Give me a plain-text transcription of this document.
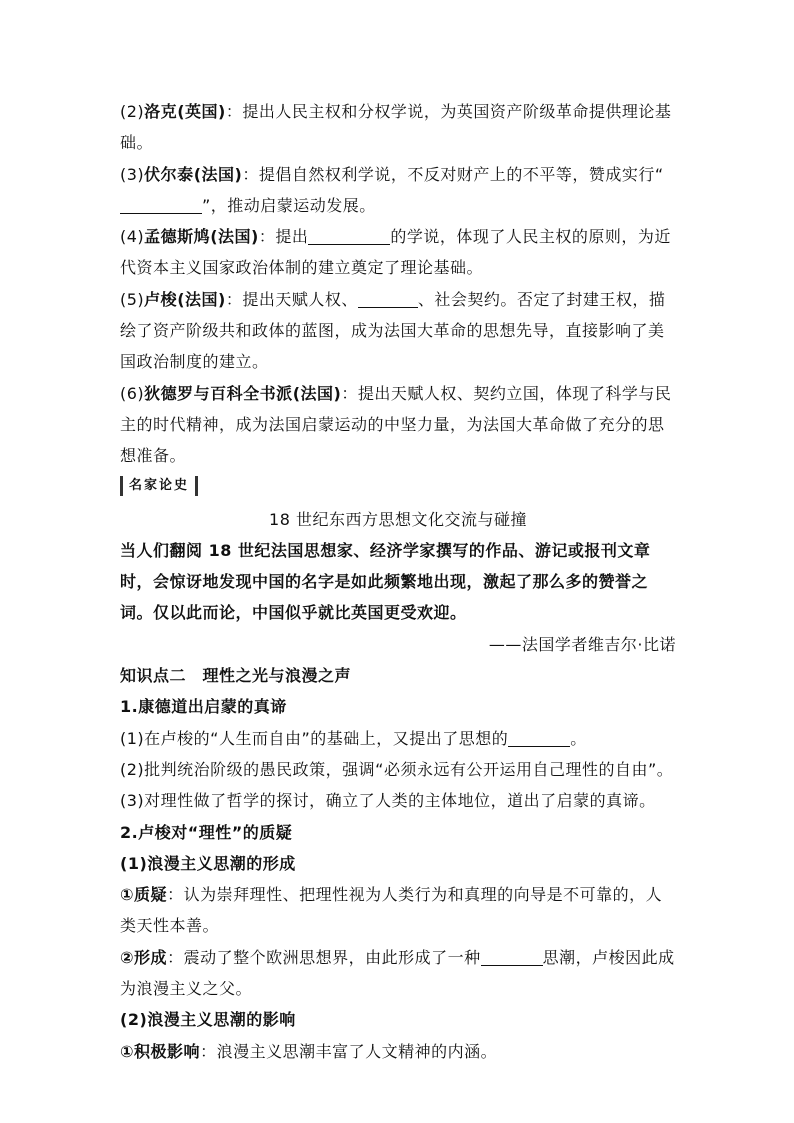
(2)洛克(英国)：提出人民主权和分权学说，为英国资产阶级革命提供理论基础。

(3)伏尔泰(法国)：提倡自然权利学说，不反对财产上的不平等，赞成实行“”，推动启蒙运动发展。

(4)孟德斯鸠(法国)：提出	的学说，体现了人民主权的原则，为近代资本主义国家政治体制的建立奠定了理论基础。

(5)卢梭(法国)：提出天赋人权、	、社会契约。否定了封建王权，描绘了资产阶级共和政体的蓝图，成为法国大革命的思想先导，直接影响了美国政治制度的建立。

(6)狄德罗与百科全书派(法国)：提出天赋人权、契约立国，体现了科学与民主的时代精神，成为法国启蒙运动的中坚力量，为法国大革命做了充分的思想准备。

名家论史

18 世纪东西方思想文化交流与碰撞

当人们翻阅 18 世纪法国思想家、经济学家撰写的作品、游记或报刊文章时，会惊讶地发现中国的名字是如此频繁地出现，激起了那么多的赞誉之词。仅以此而论，中国似乎就比英国更受欢迎。

——法国学者维吉尔·比诺

知识点二　理性之光与浪漫之声

1.康德道出启蒙的真谛

(1)在卢梭的“人生而自由”的基础上，又提出了思想的	。

(2)批判统治阶级的愚民政策，强调“必须永远有公开运用自己理性的自由”。

(3)对理性做了哲学的探讨，确立了人类的主体地位，道出了启蒙的真谛。

2.卢梭对“理性”的质疑

(1)浪漫主义思潮的形成

①质疑：认为崇拜理性、把理性视为人类行为和真理的向导是不可靠的，人类天性本善。

②形成：震动了整个欧洲思想界，由此形成了一种	思潮，卢梭因此成为浪漫主义之父。

(2)浪漫主义思潮的影响

①积极影响：浪漫主义思潮丰富了人文精神的内涵。
